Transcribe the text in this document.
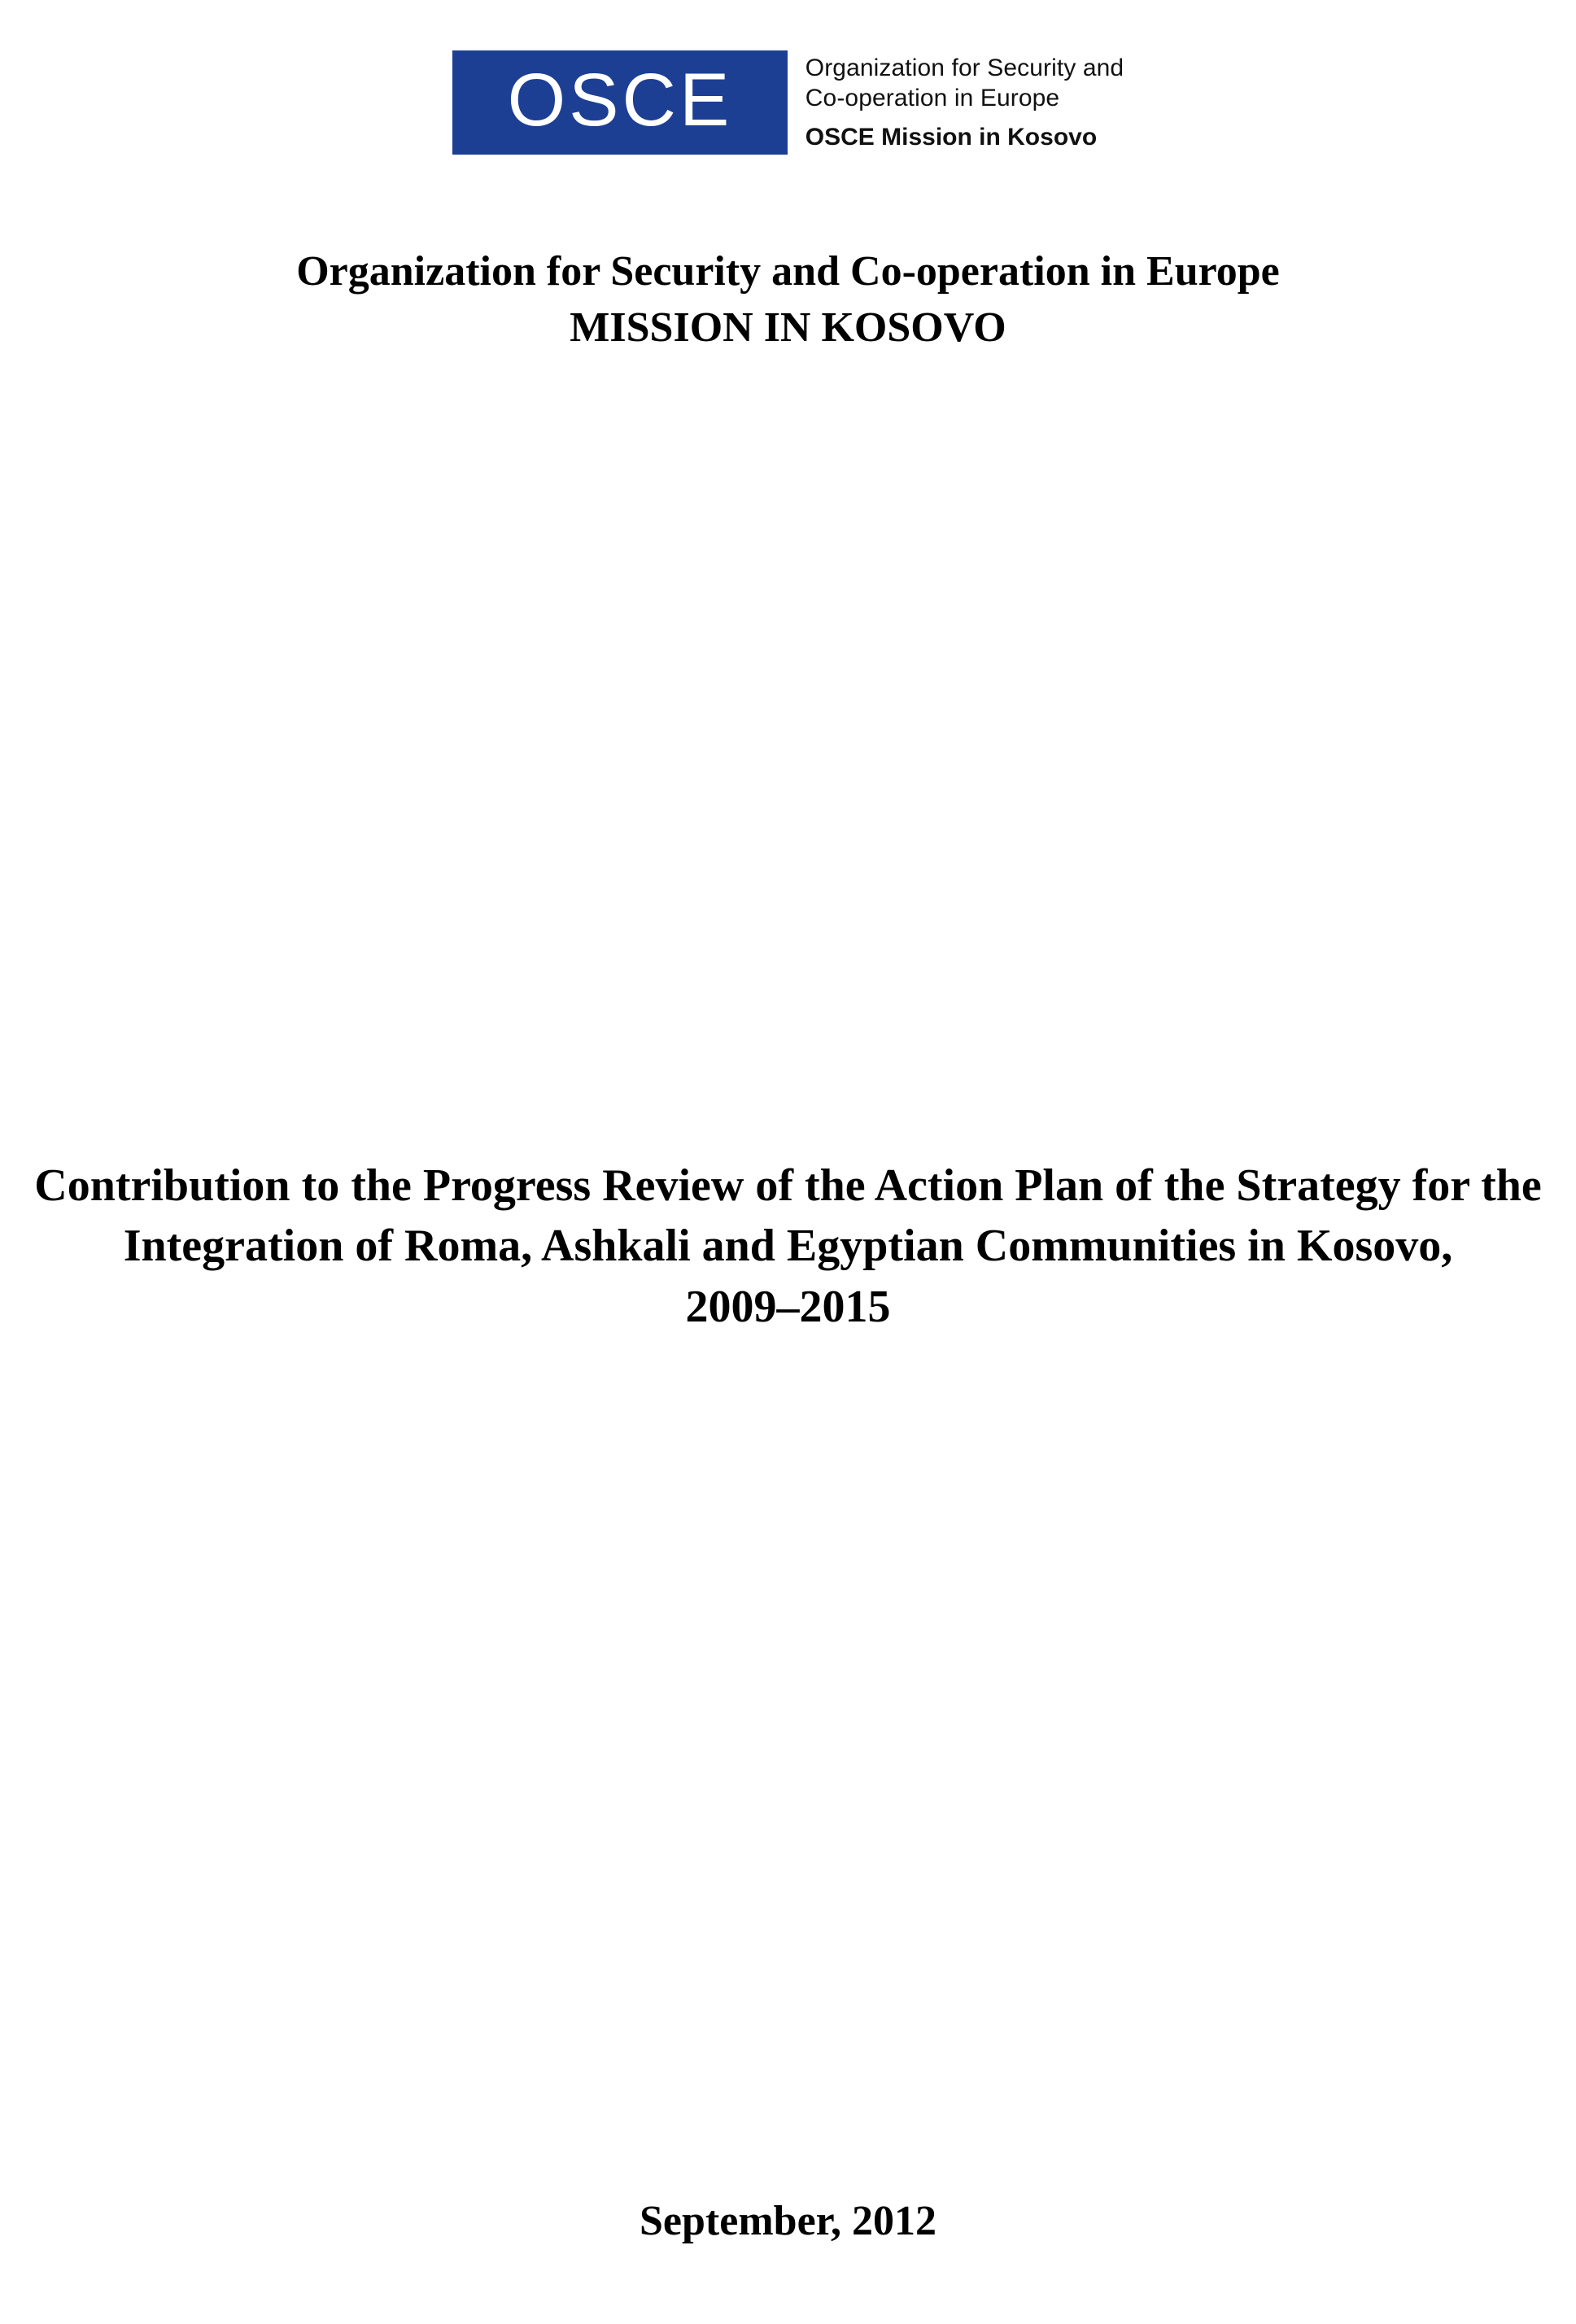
OSCE	Organization for Security and
Co-operation in Europe
OSCE Mission in Kosovo
Organization for Security and Co-operation in Europe
MISSION IN KOSOVO
Contribution to the Progress Review of the Action Plan of the Strategy for the Integration of Roma, Ashkali and Egyptian Communities in Kosovo,
2009–2015
September, 2012
